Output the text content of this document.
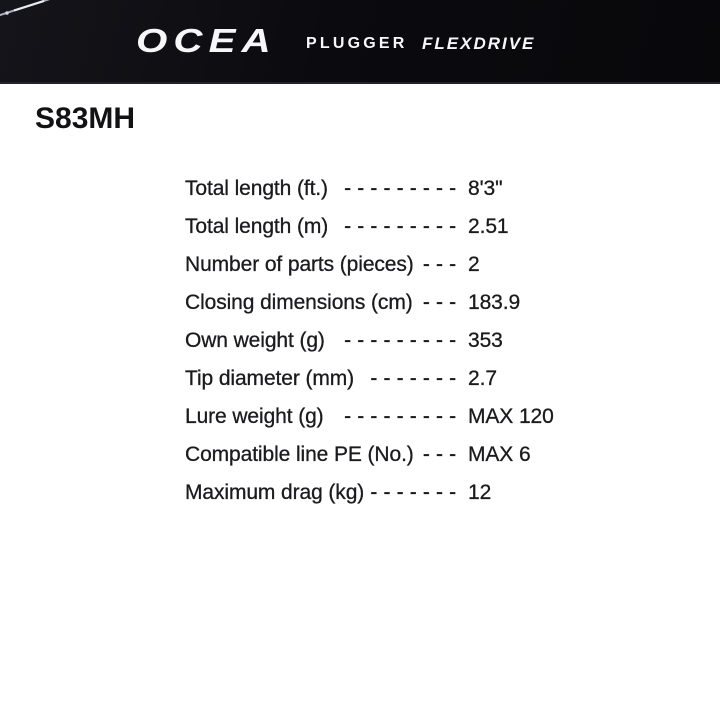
OCEA PLUGGER FLEXDRIVE
S83MH
Total length (ft.) - - - - - - - - - 8'3"
Total length (m) - - - - - - - - - 2.51
Number of parts (pieces) - - - 2
Closing dimensions (cm) - - - 183.9
Own weight (g) - - - - - - - - - 353
Tip diameter (mm) - - - - - - - 2.7
Lure weight (g) - - - - - - - - - MAX 120
Compatible line PE (No.) - - - MAX 6
Maximum drag (kg) - - - - - - - 12
